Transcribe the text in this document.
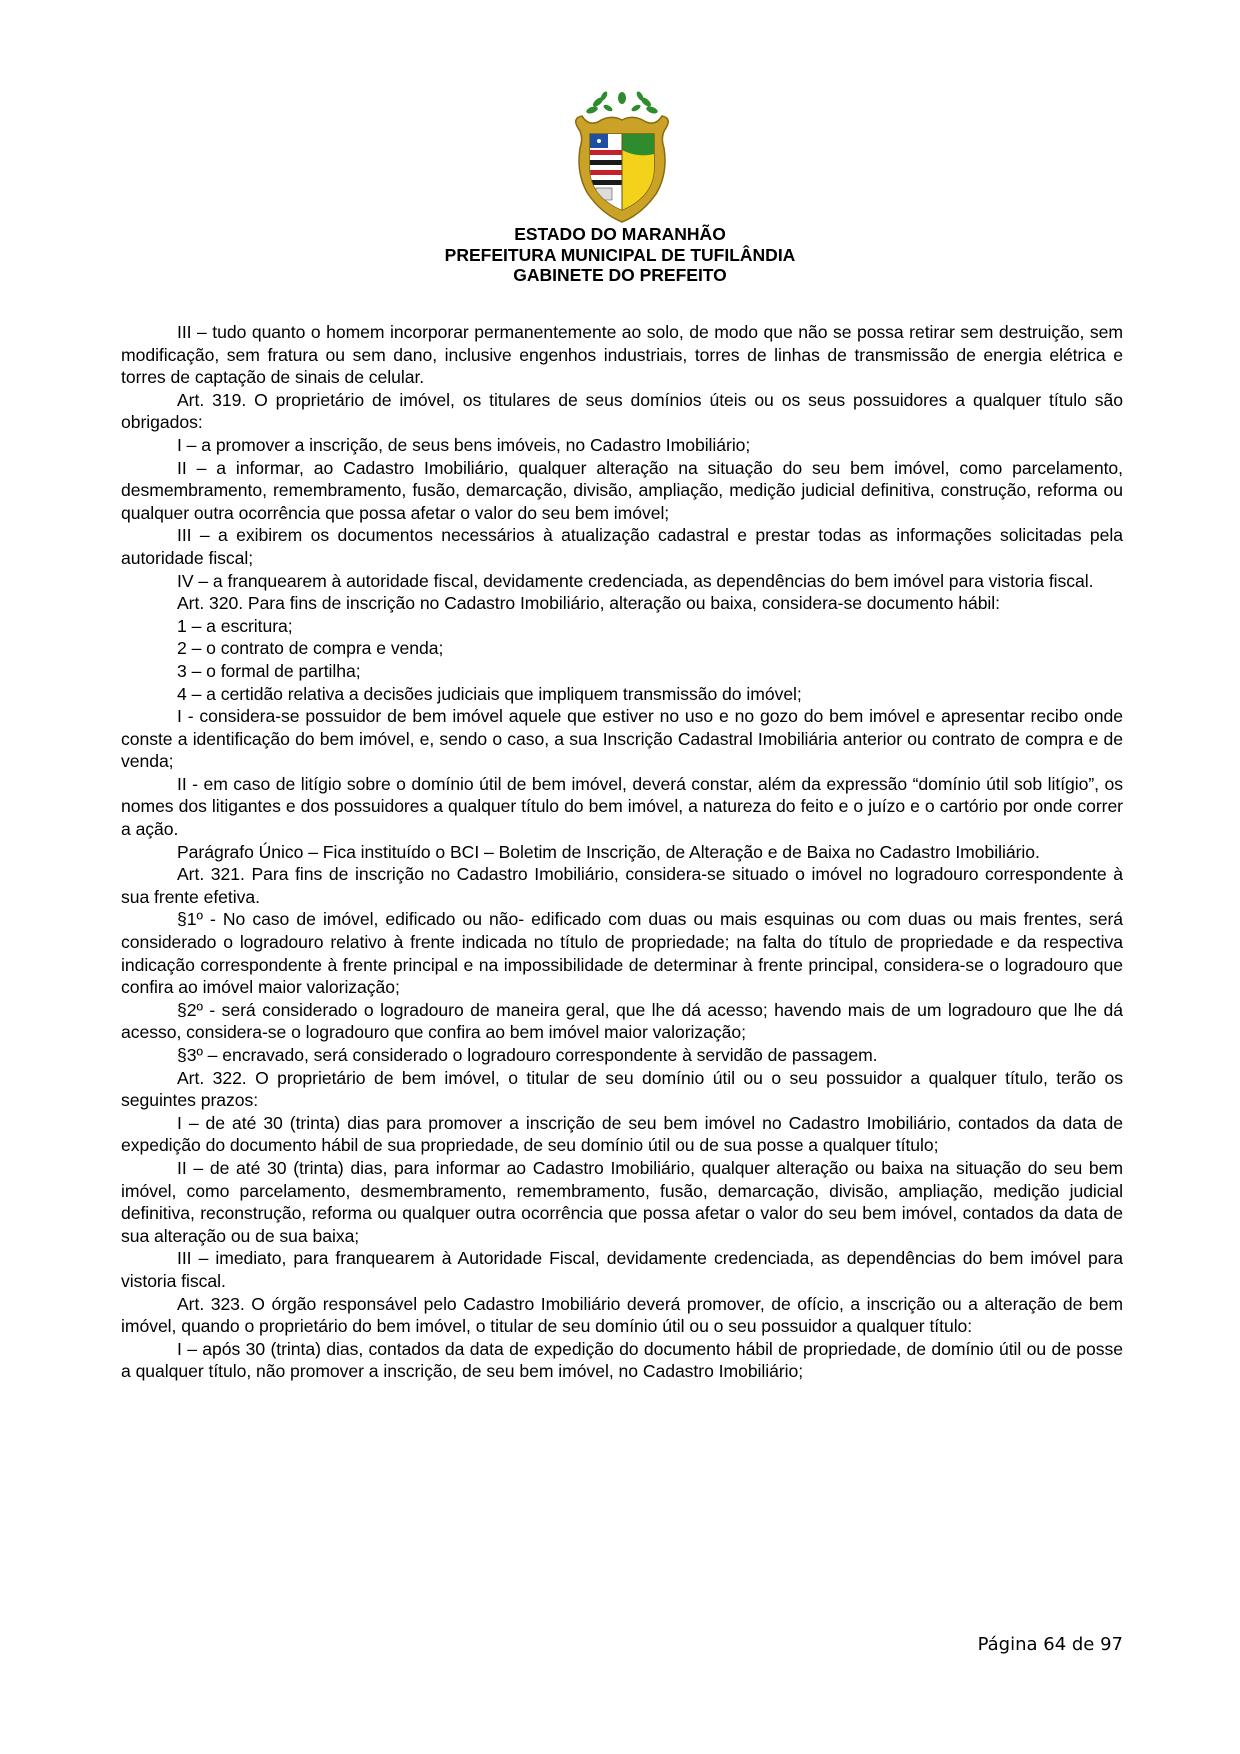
ESTADO DO MARANHÃO
PREFEITURA MUNICIPAL DE TUFILÂNDIA
GABINETE DO PREFEITO

III – tudo quanto o homem incorporar permanentemente ao solo, de modo que não se possa retirar sem destruição, sem modificação, sem fratura ou sem dano, inclusive engenhos industriais, torres de linhas de transmissão de energia elétrica e torres de captação de sinais de celular.

Art. 319. O proprietário de imóvel, os titulares de seus domínios úteis ou os seus possuidores a qualquer título são obrigados:

I – a promover a inscrição, de seus bens imóveis, no Cadastro Imobiliário;

II – a informar, ao Cadastro Imobiliário, qualquer alteração na situação do seu bem imóvel, como parcelamento, desmembramento, remembramento, fusão, demarcação, divisão, ampliação, medição judicial definitiva, construção, reforma ou qualquer outra ocorrência que possa afetar o valor do seu bem imóvel;

III – a exibirem os documentos necessários à atualização cadastral e prestar todas as informações solicitadas pela autoridade fiscal;

IV – a franquearem à autoridade fiscal, devidamente credenciada, as dependências do bem imóvel para vistoria fiscal.

Art. 320. Para fins de inscrição no Cadastro Imobiliário, alteração ou baixa, considera-se documento hábil:

1 – a escritura;

2 – o contrato de compra e venda;

3 – o formal de partilha;

4 – a certidão relativa a decisões judiciais que impliquem transmissão do imóvel;

I - considera-se possuidor de bem imóvel aquele que estiver no uso e no gozo do bem imóvel e apresentar recibo onde conste a identificação do bem imóvel, e, sendo o caso, a sua Inscrição Cadastral Imobiliária anterior ou contrato de compra e de venda;

II - em caso de litígio sobre o domínio útil de bem imóvel, deverá constar, além da expressão “domínio útil sob litígio”, os nomes dos litigantes e dos possuidores a qualquer título do bem imóvel, a natureza do feito e o juízo e o cartório por onde correr a ação.

Parágrafo Único – Fica instituído o BCI – Boletim de Inscrição, de Alteração e de Baixa no Cadastro Imobiliário.

Art. 321. Para fins de inscrição no Cadastro Imobiliário, considera-se situado o imóvel no logradouro correspondente à sua frente efetiva.

§1º - No caso de imóvel, edificado ou não- edificado com duas ou mais esquinas ou com duas ou mais frentes, será considerado o logradouro relativo à frente indicada no título de propriedade; na falta do título de propriedade e da respectiva indicação correspondente à frente principal e na impossibilidade de determinar à frente principal, considera-se o logradouro que confira ao imóvel maior valorização;

§2º - será considerado o logradouro de maneira geral, que lhe dá acesso; havendo mais de um logradouro que lhe dá acesso, considera-se o logradouro que confira ao bem imóvel maior valorização;

§3º – encravado, será considerado o logradouro correspondente à servidão de passagem.

Art. 322. O proprietário de bem imóvel, o titular de seu domínio útil ou o seu possuidor a qualquer título, terão os seguintes prazos:

I – de até 30 (trinta) dias para promover a inscrição de seu bem imóvel no Cadastro Imobiliário, contados da data de expedição do documento hábil de sua propriedade, de seu domínio útil ou de sua posse a qualquer título;

II – de até 30 (trinta) dias, para informar ao Cadastro Imobiliário, qualquer alteração ou baixa na situação do seu bem imóvel, como parcelamento, desmembramento, remembramento, fusão, demarcação, divisão, ampliação, medição judicial definitiva, reconstrução, reforma ou qualquer outra ocorrência que possa afetar o valor do seu bem imóvel, contados da data de sua alteração ou de sua baixa;

III – imediato, para franquearem à Autoridade Fiscal, devidamente credenciada, as dependências do bem imóvel para vistoria fiscal.

Art. 323. O órgão responsável pelo Cadastro Imobiliário deverá promover, de ofício, a inscrição ou a alteração de bem imóvel, quando o proprietário do bem imóvel, o titular de seu domínio útil ou o seu possuidor a qualquer título:

I – após 30 (trinta) dias, contados da data de expedição do documento hábil de propriedade, de domínio útil ou de posse a qualquer título, não promover a inscrição, de seu bem imóvel, no Cadastro Imobiliário;

Página 64 de 97
